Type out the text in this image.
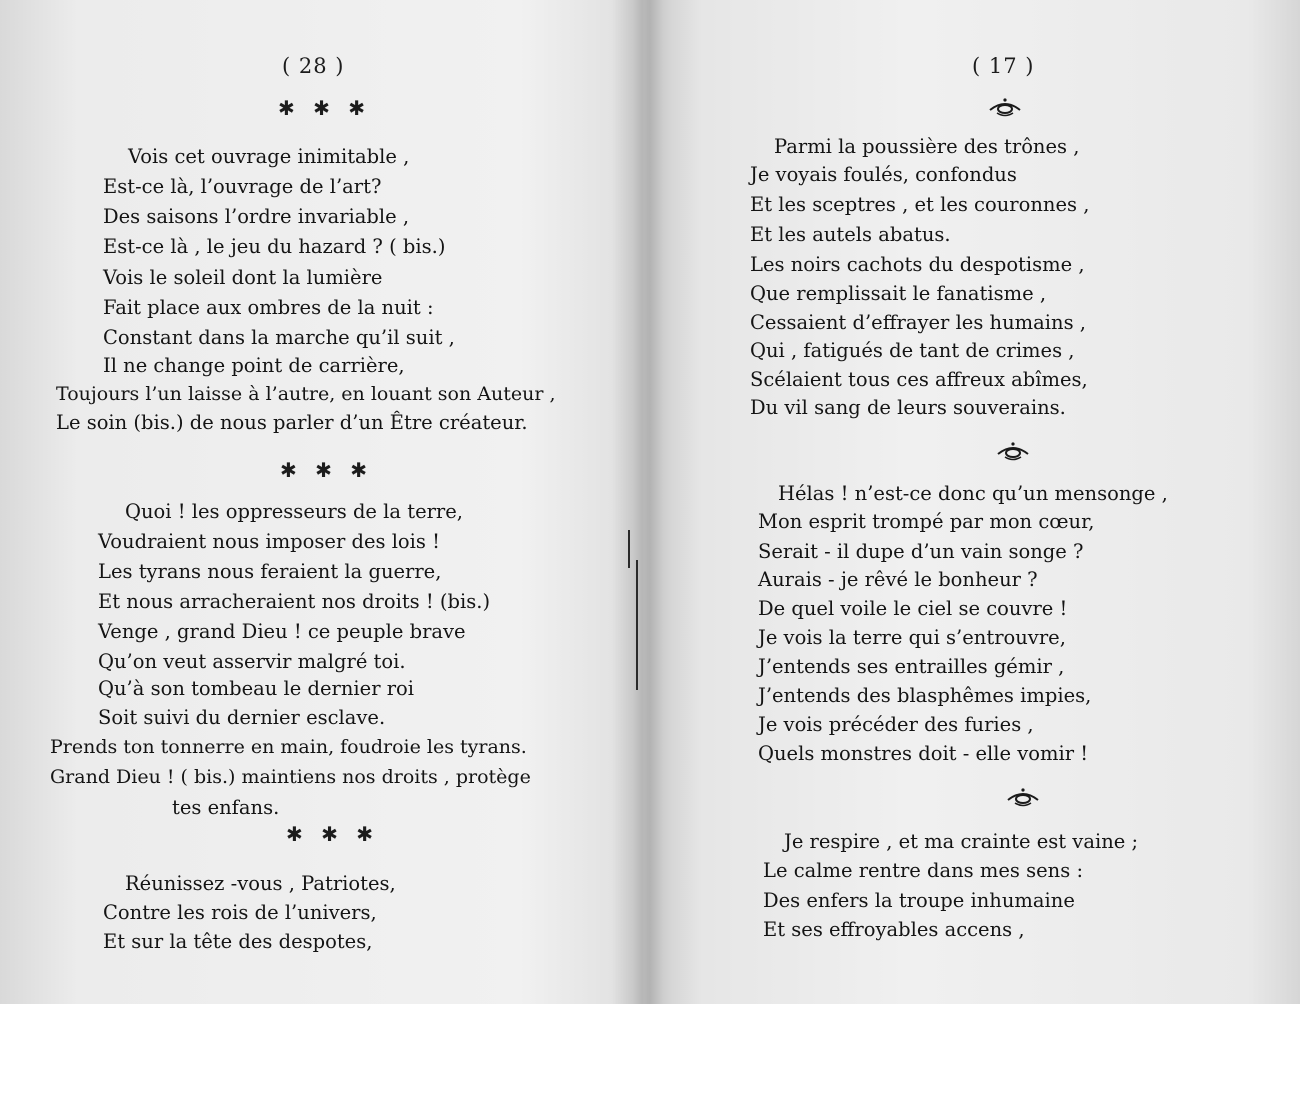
( 28 )
✱ ✱ ✱
Vois cet ouvrage inimitable ,
Est-ce là, l’ouvrage de l’art?
Des saisons l’ordre invariable ,
Est-ce là , le jeu du hazard ? ( bis.)
Vois le soleil dont la lumière
Fait place aux ombres de la nuit :
Constant dans la marche qu’il suit ,
Il ne change point de carrière,
Toujours l’un laisse à l’autre, en louant son Auteur ,
Le soin (bis.) de nous parler d’un Être créateur.
✱ ✱ ✱
Quoi ! les oppresseurs de la terre,
Voudraient nous imposer des lois !
Les tyrans nous feraient la guerre,
Et nous arracheraient nos droits ! (bis.)
Venge , grand Dieu ! ce peuple brave
Qu’on veut asservir malgré toi.
Qu’à son tombeau le dernier roi
Soit suivi du dernier esclave.
Prends ton tonnerre en main, foudroie les tyrans.
Grand Dieu ! ( bis.) maintiens nos droits , protège
tes enfans.
✱ ✱ ✱
Réunissez -vous , Patriotes,
Contre les rois de l’univers,
Et sur la tête des despotes,
( 17 )
Parmi la poussière des trônes ,
Je voyais foulés, confondus
Et les sceptres , et les couronnes ,
Et les autels abatus.
Les noirs cachots du despotisme ,
Que remplissait le fanatisme ,
Cessaient d’effrayer les humains ,
Qui , fatigués de tant de crimes ,
Scélaient tous ces affreux abîmes,
Du vil sang de leurs souverains.
Hélas ! n’est-ce donc qu’un mensonge ,
Mon esprit trompé par mon cœur,
Serait - il dupe d’un vain songe ?
Aurais - je rêvé le bonheur ?
De quel voile le ciel se couvre !
Je vois la terre qui s’entrouvre,
J’entends ses entrailles gémir ,
J’entends des blasphêmes impies,
Je vois précéder des furies ,
Quels monstres doit - elle vomir !
Je respire , et ma crainte est vaine ;
Le calme rentre dans mes sens :
Des enfers la troupe inhumaine
Et ses effroyables accens ,
